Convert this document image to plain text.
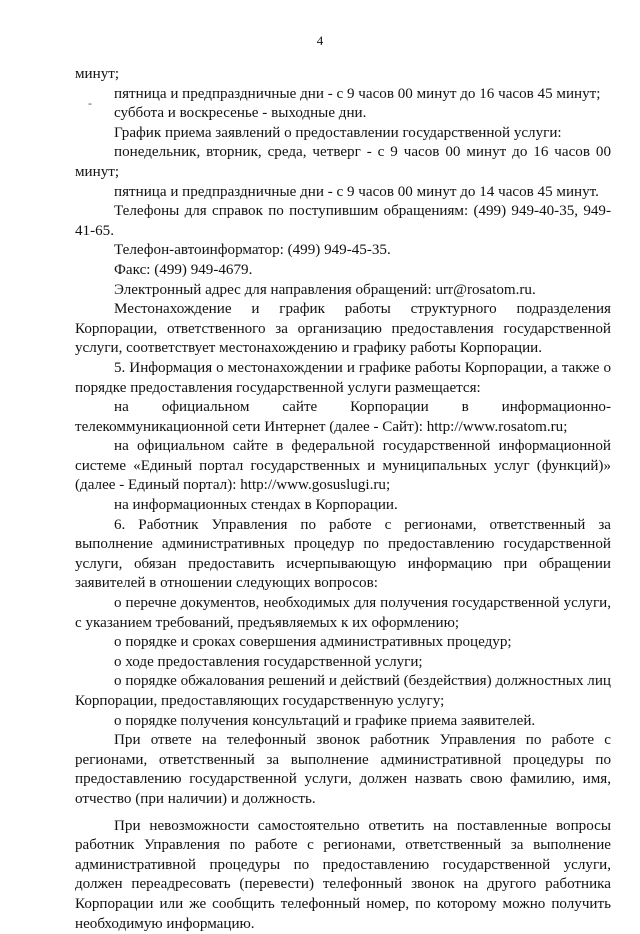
4
-

минут;

пятница и предпраздничные дни - с 9 часов 00 минут до 16 часов 45 минут;

суббота и воскресенье - выходные дни.

График приема заявлений о предоставлении государственной услуги:

понедельник, вторник, среда, четверг - с 9 часов 00 минут до 16 часов 00 минут;

пятница и предпраздничные дни - с 9 часов 00 минут до 14 часов 45 минут.

Телефоны для справок по поступившим обращениям: (499) 949-40-35, 949-41-65.

Телефон-автоинформатор: (499) 949-45-35.

Факс: (499) 949-4679.

Электронный адрес для направления обращений: urr@rosatom.ru.

Местонахождение и график работы структурного подразделения Корпорации, ответственного за организацию предоставления государственной услуги, соответствует местонахождению и графику работы Корпорации.

5. Информация о местонахождении и графике работы Корпорации, а также о порядке предоставления государственной услуги размещается:

на официальном сайте Корпорации в информационно-телекоммуникационной сети Интернет (далее - Сайт): http://www.rosatom.ru;

на официальном сайте в федеральной государственной информационной системе «Единый портал государственных и муниципальных услуг (функций)» (далее - Единый портал): http://www.gosuslugi.ru;

на информационных стендах в Корпорации.

6. Работник Управления по работе с регионами, ответственный за выполнение административных процедур по предоставлению государственной услуги, обязан предоставить исчерпывающую информацию при обращении заявителей в отношении следующих вопросов:

о перечне документов, необходимых для получения государственной услуги, с указанием требований, предъявляемых к их оформлению;

о порядке и сроках совершения административных процедур;

о ходе предоставления государственной услуги;

о порядке обжалования решений и действий (бездействия) должностных лиц Корпорации, предоставляющих государственную услугу;

о порядке получения консультаций и графике приема заявителей.

При ответе на телефонный звонок работник Управления по работе с регионами, ответственный за выполнение административной процедуры по предоставлению государственной услуги, должен назвать свою фамилию, имя, отчество (при наличии) и должность.

При невозможности самостоятельно ответить на поставленные вопросы работник Управления по работе с регионами, ответственный за выполнение административной процедуры по предоставлению государственной услуги, должен переадресовать (перевести) телефонный звонок на другого работника Корпорации или же сообщить телефонный номер, по которому можно получить необходимую информацию.
